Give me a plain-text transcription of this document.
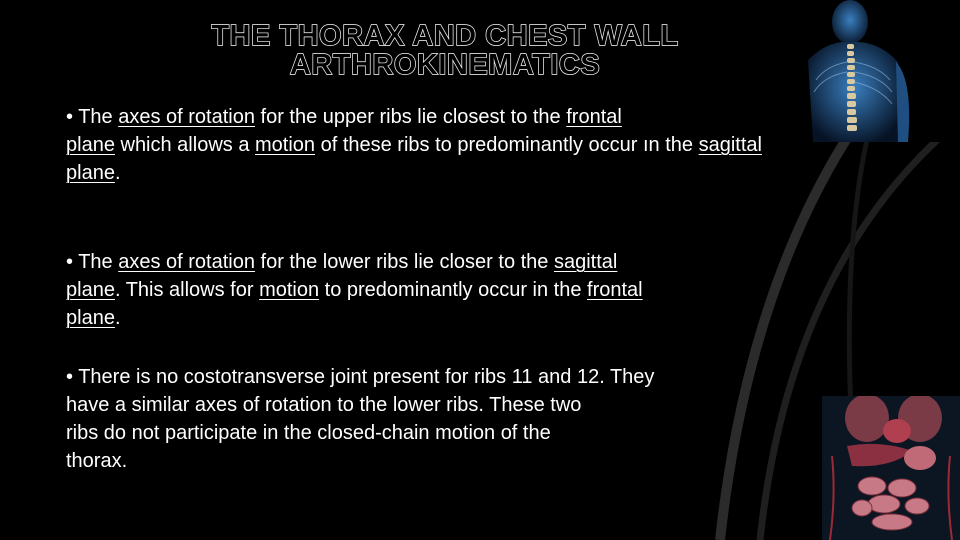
THE THORAX AND CHEST WALL
ARTHROKINEMATICS

• The axes of rotation for the upper ribs lie closest to the frontal
plane which allows a motion of these ribs to predominantly occur ın the sagittal plane.

• The axes of rotation for the lower ribs lie closer to the sagittal
plane. This allows for motion to predominantly occur in the frontal
plane.

• There is no costotransverse joint present for ribs 11 and 12. They
have a similar axes of rotation to the lower ribs. These two
ribs do not participate in the closed-chain motion of the
thorax.
